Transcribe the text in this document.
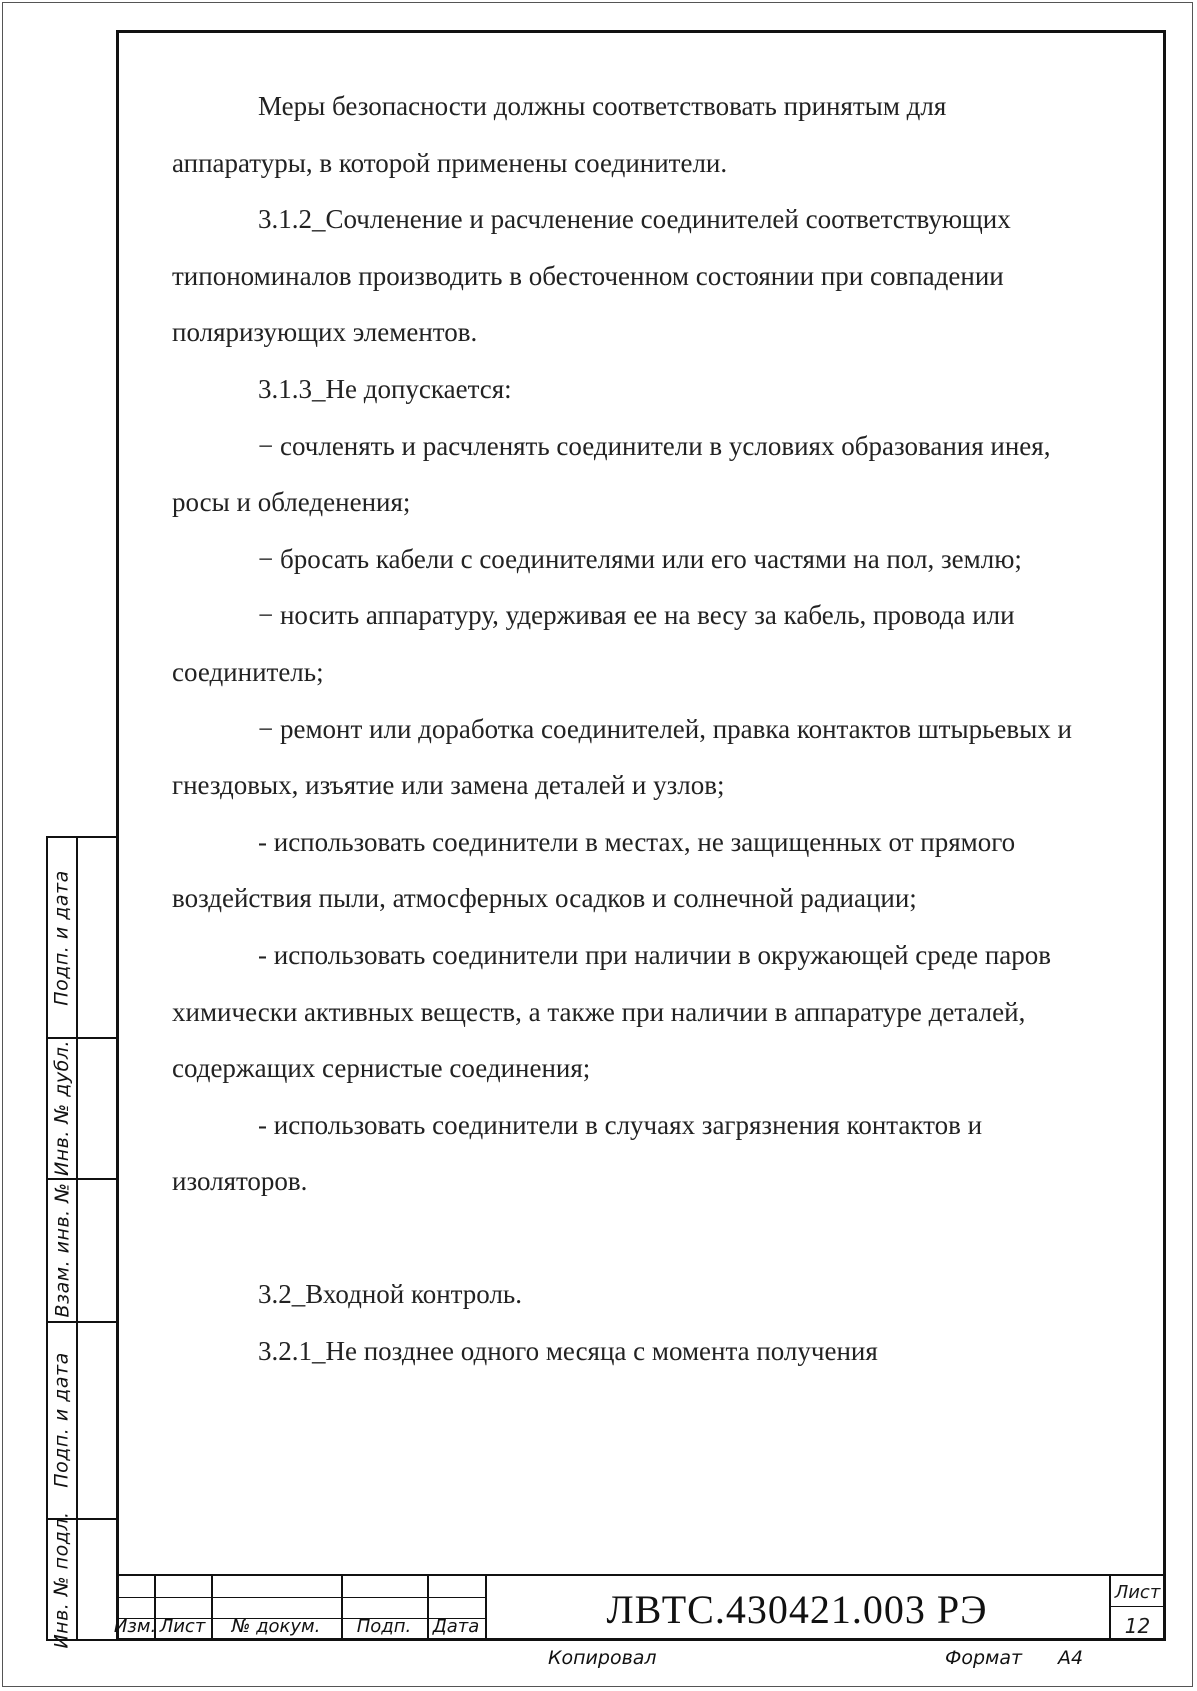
Меры безопасности должны соответствовать принятым для аппаратуры, в которой применены соединители.

3.1.2_Сочленение и расчленение соединителей соответствующих типономиналов производить в обесточенном состоянии при совпадении поляризующих элементов.

3.1.3_Не допускается:

− сочленять и расчленять соединители в условиях образования инея, росы и обледенения;

− бросать кабели с соединителями или его частями на пол, землю;

− носить аппаратуру, удерживая ее на весу за кабель, провода или соединитель;

− ремонт или доработка соединителей, правка контактов штырьевых и гнездовых, изъятие или замена деталей и узлов;

- использовать соединители в местах, не защищенных от прямого воздействия пыли, атмосферных осадков и солнечной радиации;

- использовать соединители при наличии в окружающей среде паров химически активных веществ, а также при наличии в аппаратуре деталей, содержащих сернистые соединения;

- использовать соединители в случаях загрязнения контактов и изоляторов.

3.2_Входной контроль.

3.2.1_Не позднее одного месяца с момента получения

Подп. и дата
Инв. № дубл.
Взам. инв. №
Подп. и дата
Инв. № подл. Изм. Лист	№ докум.	Подп.	Дата	ЛВТС.430421.003 РЭ	Лист
12
Копировал	Формат А4
